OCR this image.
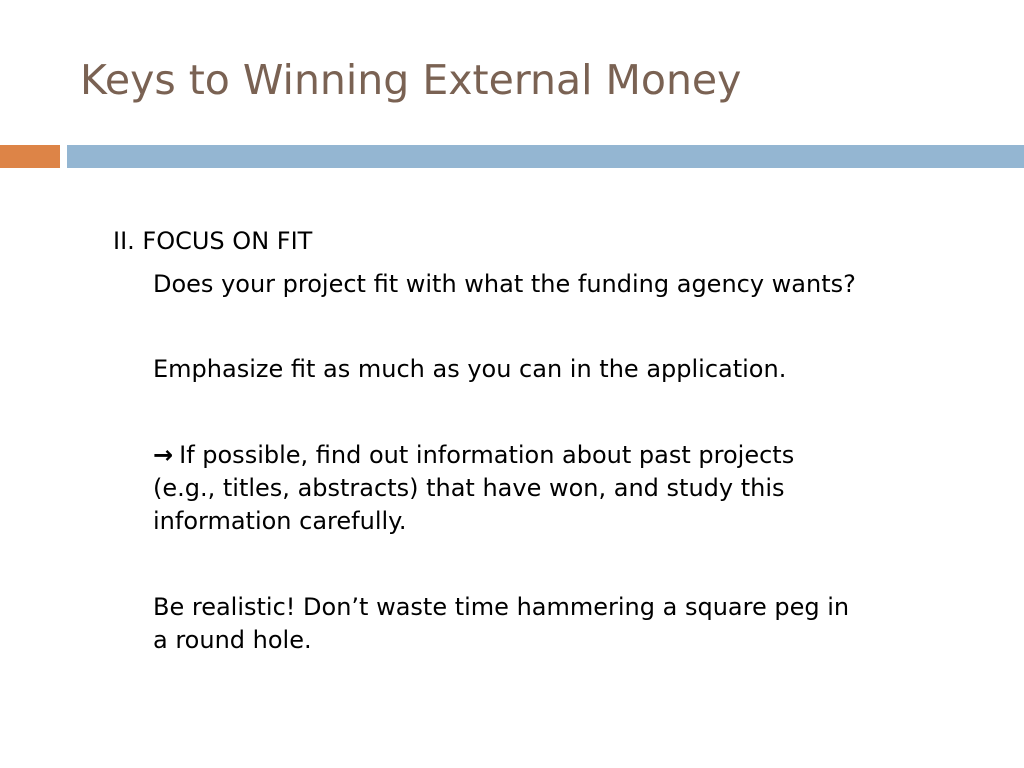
Keys to Winning External Money

II. FOCUS ON FIT

Does your project fit with what the funding agency wants?

Emphasize fit as much as you can in the application.

→ If possible, find out information about past projects
(e.g., titles, abstracts) that have won, and study this
information carefully.

Be realistic! Don’t waste time hammering a square peg in
a round hole.
